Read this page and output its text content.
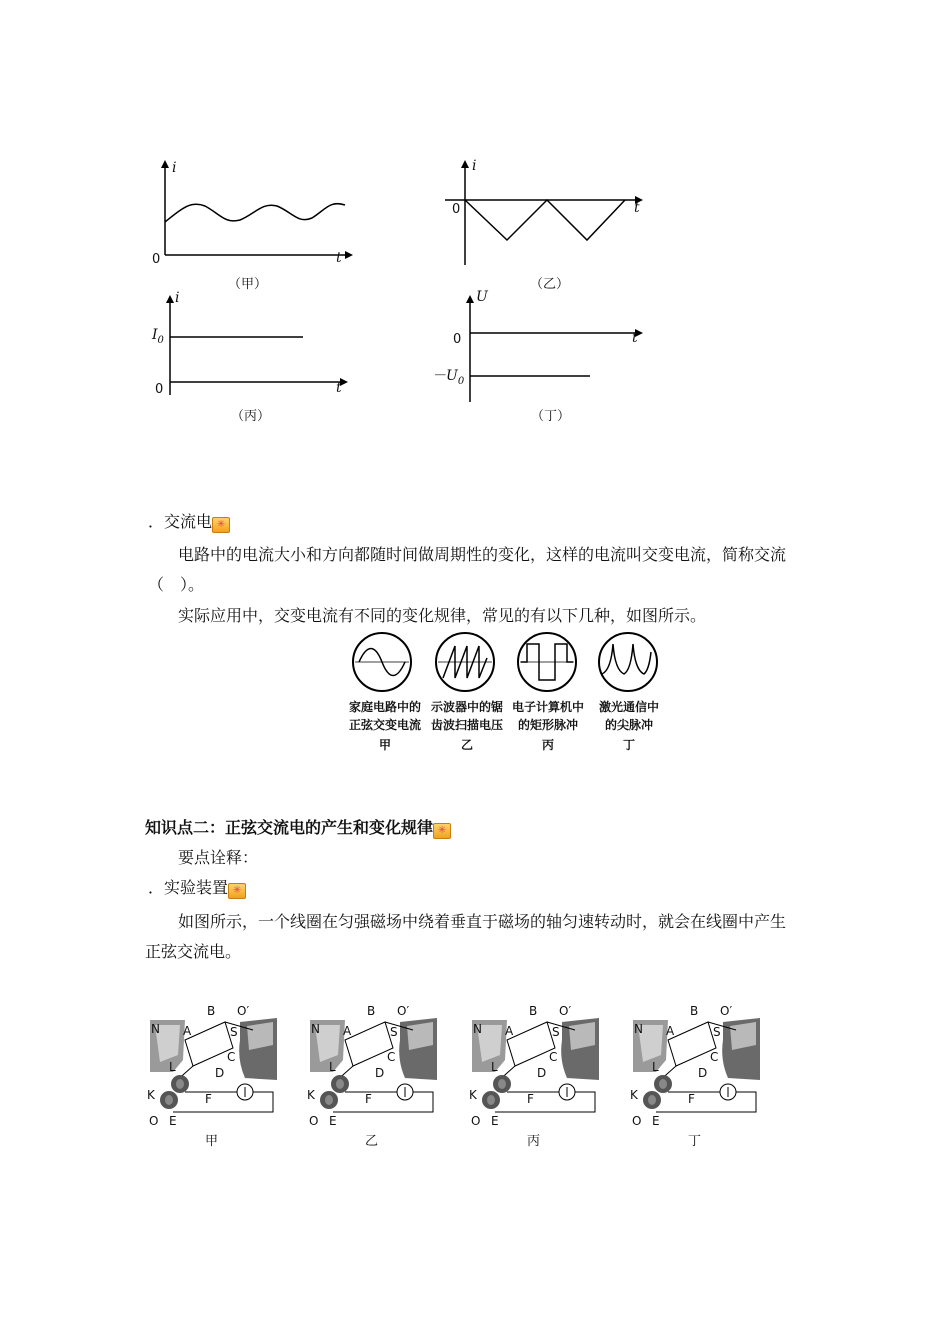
i
t
0
（甲）
i
t
0
（乙）
i
t
0
$I_0$
（丙）
U
t
0
$-U_0$
（丁）
．交流电 ✳
电路中的电流大小和方向都随时间做周期性的变化，这样的电流叫交变电流，简称交流
（　）。
实际应用中，交变电流有不同的变化规律，常见的有以下几种，如图所示。
家庭电路中的
正弦交变电流
甲
示波器中的锯
齿波扫描电压
乙
电子计算机中
的矩形脉冲
丙
激光通信中
的尖脉冲
丁
知识点二：正弦交流电的产生和变化规律 ✳
要点诠释：
．实验装置 ✳
如图所示，一个线圈在匀强磁场中绕着垂直于磁场的轴匀速转动时，就会在线圈中产生
正弦交流电。
N	S
O′
K	F
O E
L
B
C
D
A
甲
N	S
O′
K	F
O E
L
B
C
D
A
乙
N	S
O′
K	F
O E
L
B
C
D
A
丙
N	S
O′
K	F
O E
L
B
C
D
A
丁
